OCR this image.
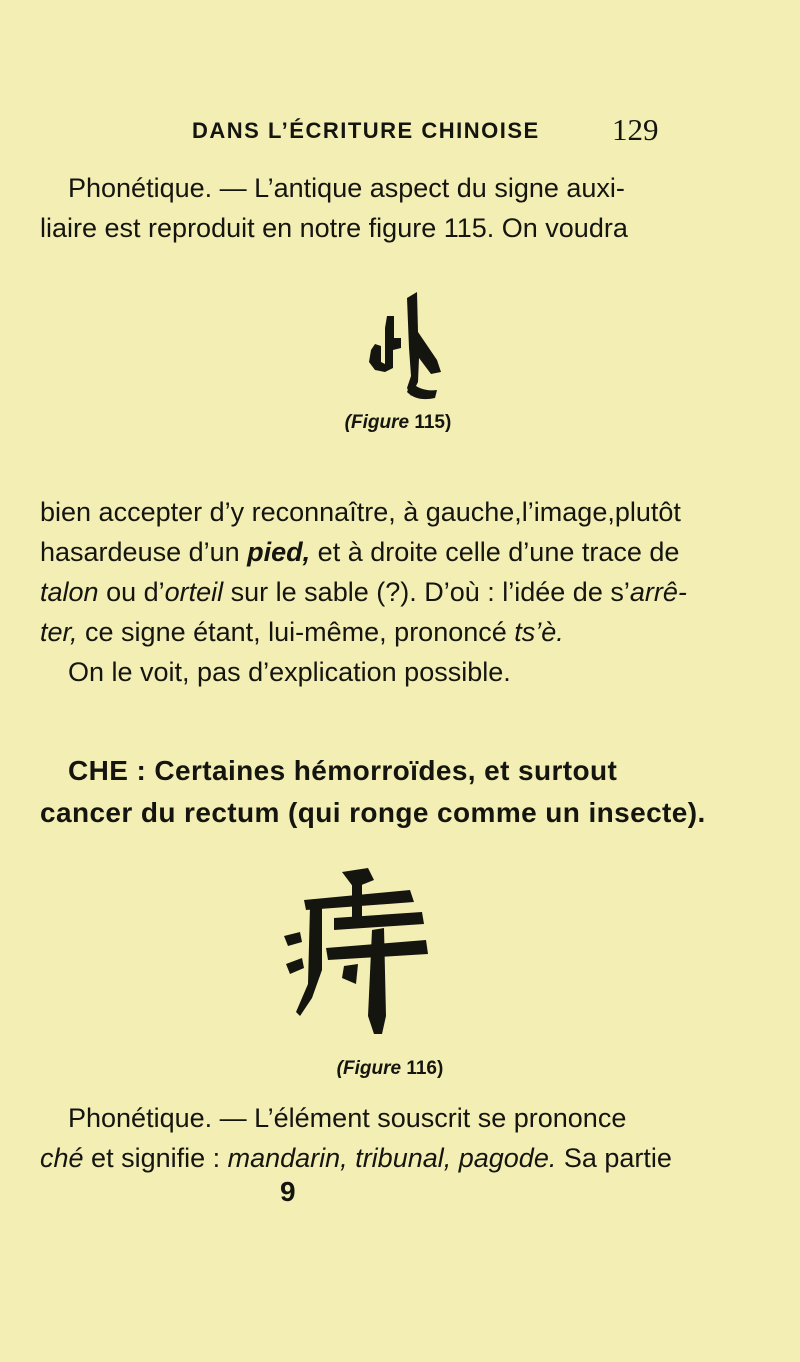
DANS L’ÉCRITURE CHINOISE 129
Phonétique. — L’antique aspect du signe auxi-
liaire est reproduit en notre figure 115. On voudra
(Figure 115)
bien accepter d’y reconnaître, à gauche,l’image,plutôt
hasardeuse d’un pied, et à droite celle d’une trace de
talon ou d’orteil sur le sable (?). D’où : l’idée de s’arrê-
ter, ce signe étant, lui-même, prononcé ts’è.
On le voit, pas d’explication possible.
CHE : Certaines hémorroïdes, et surtout
cancer du rectum (qui ronge comme un insecte).
(Figure 116)
Phonétique. — L’élément souscrit se prononce
ché et signifie : mandarin, tribunal, pagode. Sa partie
9
